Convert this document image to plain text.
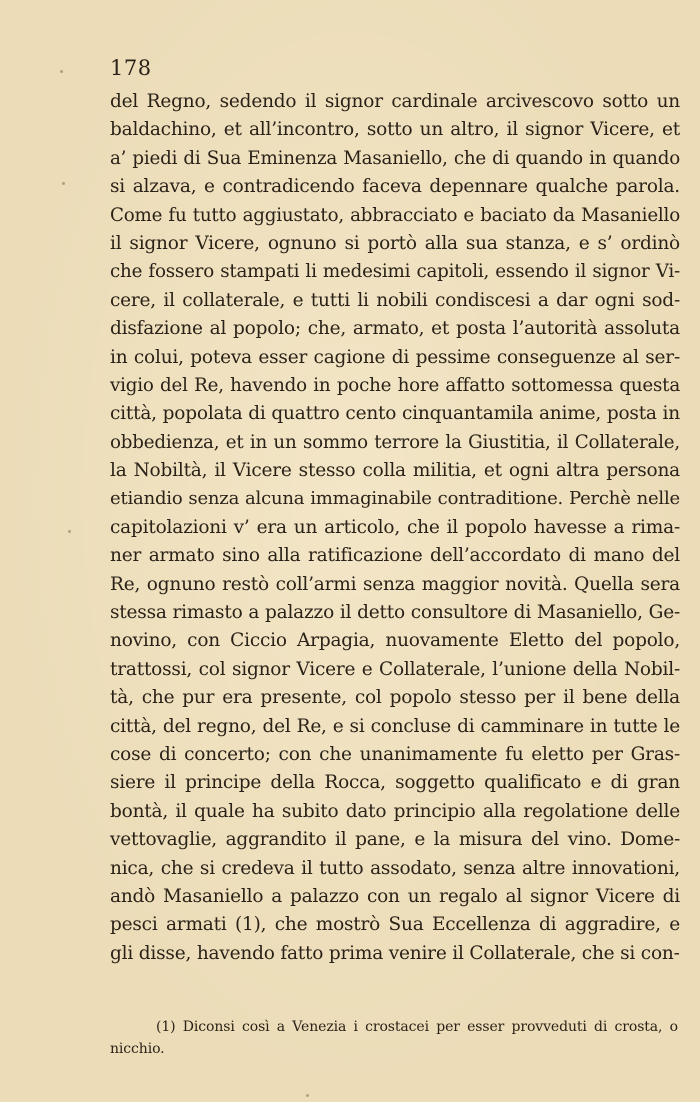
178
del Regno, sedendo il signor cardinale arcivescovo sotto un
baldachino, et all’incontro, sotto un altro, il signor Vicere, et
a’ piedi di Sua Eminenza Masaniello, che di quando in quando
si alzava, e contradicendo faceva depennare qualche parola.
Come fu tutto aggiustato, abbracciato e baciato da Masaniello
il signor Vicere, ognuno si portò alla sua stanza, e s’ ordinò
che fossero stampati li medesimi capitoli, essendo il signor Vi-
cere, il collaterale, e tutti li nobili condiscesi a dar ogni sod-
disfazione al popolo; che, armato, et posta l’autorità assoluta
in colui, poteva esser cagione di pessime conseguenze al ser-
vigio del Re, havendo in poche hore affatto sottomessa questa
città, popolata di quattro cento cinquantamila anime, posta in
obbedienza, et in un sommo terrore la Giustitia, il Collaterale,
la Nobiltà, il Vicere stesso colla militia, et ogni altra persona
etiandio senza alcuna immaginabile contraditione. Perchè nelle
capitolazioni v’ era un articolo, che il popolo havesse a rima-
ner armato sino alla ratificazione dell’accordato di mano del
Re, ognuno restò coll’armi senza maggior novità. Quella sera
stessa rimasto a palazzo il detto consultore di Masaniello, Ge-
novino, con Ciccio Arpagia, nuovamente Eletto del popolo,
trattossi, col signor Vicere e Collaterale, l’unione della Nobil-
tà, che pur era presente, col popolo stesso per il bene della
città, del regno, del Re, e si concluse di camminare in tutte le
cose di concerto; con che unanimamente fu eletto per Gras-
siere il principe della Rocca, soggetto qualificato e di gran
bontà, il quale ha subito dato principio alla regolatione delle
vettovaglie, aggrandito il pane, e la misura del vino. Dome-
nica, che si credeva il tutto assodato, senza altre innovationi,
andò Masaniello a palazzo con un regalo al signor Vicere di
pesci armati (1), che mostrò Sua Eccellenza di aggradire, e
gli disse, havendo fatto prima venire il Collaterale, che si con-
(1) Diconsi così a Venezia i crostacei per esser provveduti di crosta, o
nicchio.
